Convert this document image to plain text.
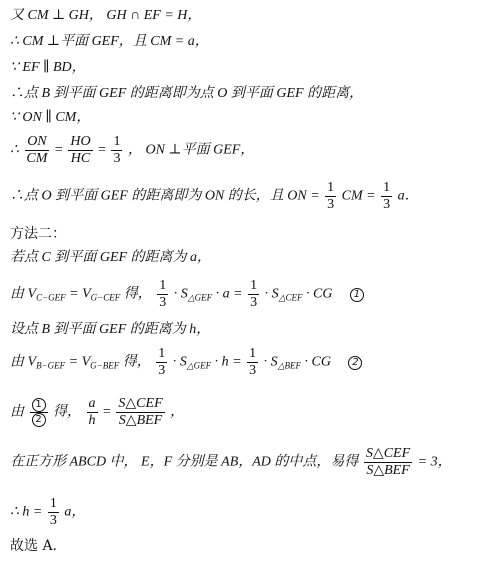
又 CM ⊥ GH， GH ∩ EF = H，
∴ CM ⊥平面 GEF，且 CM = a，
∵ EF ∥ BD，
∴点 B 到平面 GEF 的距离即为点 O 到平面 GEF 的距离，
∵ ON ∥ CM，
∴ $\frac{ON}{CM} = \frac{HO}{HC} = \frac{1}{3}$ ， ON ⊥平面 GEF，
∴点 O 到平面 GEF 的距离即为 ON 的长，且 ON = $\frac{1}{3}$ CM = $\frac{1}{3}$ a．
方法二：
若点 C 到平面 GEF 的距离为 a，
由 $V_{C-GEF} = V_{G-CEF}$ 得， $\frac{1}{3} \cdot S_{\triangle GEF} \cdot a = \frac{1}{3} \cdot S_{\triangle CEF}$ · CG 1
设点 B 到平面 GEF 的距离为 h，
由 $V_{B-GEF} = V_{G-BEF}$ 得， $\frac{1}{3} \cdot S_{\triangle GEF} \cdot h = \frac{1}{3} \cdot S_{\triangle BEF}$ · CG 2
由 $\frac{1}{2}$ 得， $\frac{a}{h} = \frac{\text{S△CEF}}{\text{S△BEF}}$ ，
在正方形 ABCD 中， E，F 分别是 AB，AD 的中点，易得 $\frac{\text{S△CEF}}{\text{S△BEF}} = 3$，
∴ $h = \frac{1}{3}$ a，
故选 A.
